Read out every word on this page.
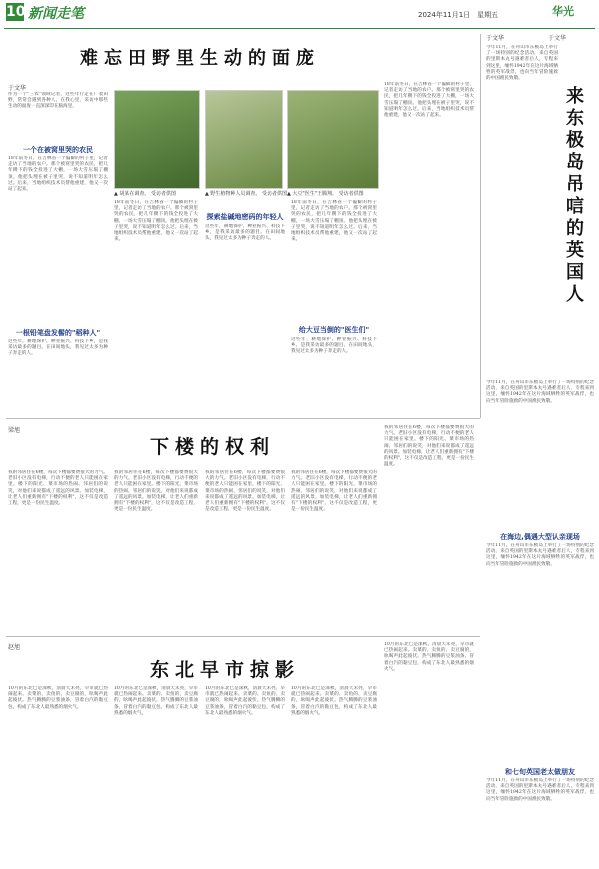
10 新闻走笔	2024年11月1日　星期五	华光
于文华
难忘田野里生动的面庞
于文华
作为一个"三农"领域记者，这些年行走在广袤田野，常常会遇到各种人，在我心里，采访中那些生动的面庞一直深深印在脑海里。
一个在被窝里哭的农民
18年前冬日，在吉林省一个偏僻的村子里，记者走访了当地的农户。那个被窝里哭的农民，把几年攒下的钱全投进了大棚，一场大雪压塌了棚顶。他把头埋在被子里哭，说不知道明年怎么过。后来，当地组织技术员帮他重建，他又一次站了起来。
一根铅笔盘发髻的"稻种人"
这些年，耕地保护、种业振兴、科技下乡，是我采访最多的题目。在田间地头，我见过太多为种子奔走的人。
▲ 胡某在调查。 受访者供图	▲ 野生植物种人员调查。 受访者供图 ▲ 大豆"医生"王腾翔。 受访者供图
18年前冬日，在吉林省一个偏僻的村子里，记者走访了当地的农户。那个被窝里哭的农民，把几年攒下的钱全投进了大棚，一场大雪压塌了棚顶。他把头埋在被子里哭，说不知道明年怎么过。后来，当地组织技术员帮他重建，他又一次站了起来。
探索盐碱地密码的年轻人
这些年，耕地保护、种业振兴、科技下乡，是我采访最多的题目。在田间地头，我见过太多为种子奔走的人。
18年前冬日，在吉林省一个偏僻的村子里，记者走访了当地的农户。那个被窝里哭的农民，把几年攒下的钱全投进了大棚，一场大雪压塌了棚顶。他把头埋在被子里哭，说不知道明年怎么过。后来，当地组织技术员帮他重建，他又一次站了起来。
给大豆当倒的"医生们"
这些年，耕地保护、种业振兴、科技下乡，是我采访最多的题目。在田间地头，我见过太多为种子奔走的人。
18年前冬日，在吉林省一个偏僻的村子里，记者走访了当地的农户。那个被窝里哭的农民，把几年攒下的钱全投进了大棚，一场大雪压塌了棚顶。他把头埋在被子里哭，说不知道明年怎么过。后来，当地组织技术员帮他重建，他又一次站了起来。
下楼的权利
梁旭
我的邻居住在6楼，每次下楼都要费很大的力气。老旧小区没有电梯，行动不便的老人只能困在家里。楼下的阳光、菜市场的热闹、邻居们的说笑，对他们来说都成了遥远的风景。加装电梯，让老人们重新拥有"下楼的权利"，这不仅是改造工程，更是一份民生温度。
我的邻居住在6楼，每次下楼都要费很大的力气。老旧小区没有电梯，行动不便的老人只能困在家里。楼下的阳光、菜市场的热闹、邻居们的说笑，对他们来说都成了遥远的风景。加装电梯，让老人们重新拥有"下楼的权利"，这不仅是改造工程，更是一份民生温度。
我的邻居住在6楼，每次下楼都要费很大的力气。老旧小区没有电梯，行动不便的老人只能困在家里。楼下的阳光、菜市场的热闹、邻居们的说笑，对他们来说都成了遥远的风景。加装电梯，让老人们重新拥有"下楼的权利"，这不仅是改造工程，更是一份民生温度。
我的邻居住在6楼，每次下楼都要费很大的力气。老旧小区没有电梯，行动不便的老人只能困在家里。楼下的阳光、菜市场的热闹、邻居们的说笑，对他们来说都成了遥远的风景。加装电梯，让老人们重新拥有"下楼的权利"，这不仅是改造工程，更是一份民生温度。
我的邻居住在6楼，每次下楼都要费很大的力气。老旧小区没有电梯，行动不便的老人只能困在家里。楼下的阳光、菜市场的热闹、邻居们的说笑，对他们来说都成了遥远的风景。加装电梯，让老人们重新拥有"下楼的权利"，这不仅是改造工程，更是一份民生温度。
东北早市掠影
赵旭
10月的东北已是深秋，清晨天未亮，早市就已热闹起来。卖菜的、卖鱼的、卖豆腐的，吆喝声此起彼伏。热气腾腾的豆浆油条，冒着白汽的黏豆包，构成了东北人最熟悉的烟火气。
10月的东北已是深秋，清晨天未亮，早市就已热闹起来。卖菜的、卖鱼的、卖豆腐的，吆喝声此起彼伏。热气腾腾的豆浆油条，冒着白汽的黏豆包，构成了东北人最熟悉的烟火气。
10月的东北已是深秋，清晨天未亮，早市就已热闹起来。卖菜的、卖鱼的、卖豆腐的，吆喝声此起彼伏。热气腾腾的豆浆油条，冒着白汽的黏豆包，构成了东北人最熟悉的烟火气。
10月的东北已是深秋，清晨天未亮，早市就已热闹起来。卖菜的、卖鱼的、卖豆腐的，吆喝声此起彼伏。热气腾腾的豆浆油条，冒着白汽的黏豆包，构成了东北人最熟悉的烟火气。
10月的东北已是深秋，清晨天未亮，早市就已热闹起来。卖菜的、卖鱼的、卖豆腐的，吆喝声此起彼伏。热气腾腾的豆浆油条，冒着白汽的黏豆包，构成了东北人最熟悉的烟火气。
来东极岛吊唁的英国人
于文华
今年11月，在舟山市东极岛上举行了一场特别的纪念活动，来自英国的里斯本丸号遇难者后人，专程来到这里，缅怀1942年在这片海域牺牲的英军战俘，也向当年冒险施救的中国渔民致敬。
今年11月，在舟山市东极岛上举行了一场特别的纪念活动，来自英国的里斯本丸号遇难者后人，专程来到这里，缅怀1942年在这片海域牺牲的英军战俘，也向当年冒险施救的中国渔民致敬。
在海边,偶遇大型认亲现场
今年11月，在舟山市东极岛上举行了一场特别的纪念活动，来自英国的里斯本丸号遇难者后人，专程来到这里，缅怀1942年在这片海域牺牲的英军战俘，也向当年冒险施救的中国渔民致敬。
和七旬英国老太做朋友
今年11月，在舟山市东极岛上举行了一场特别的纪念活动，来自英国的里斯本丸号遇难者后人，专程来到这里，缅怀1942年在这片海域牺牲的英军战俘，也向当年冒险施救的中国渔民致敬。
